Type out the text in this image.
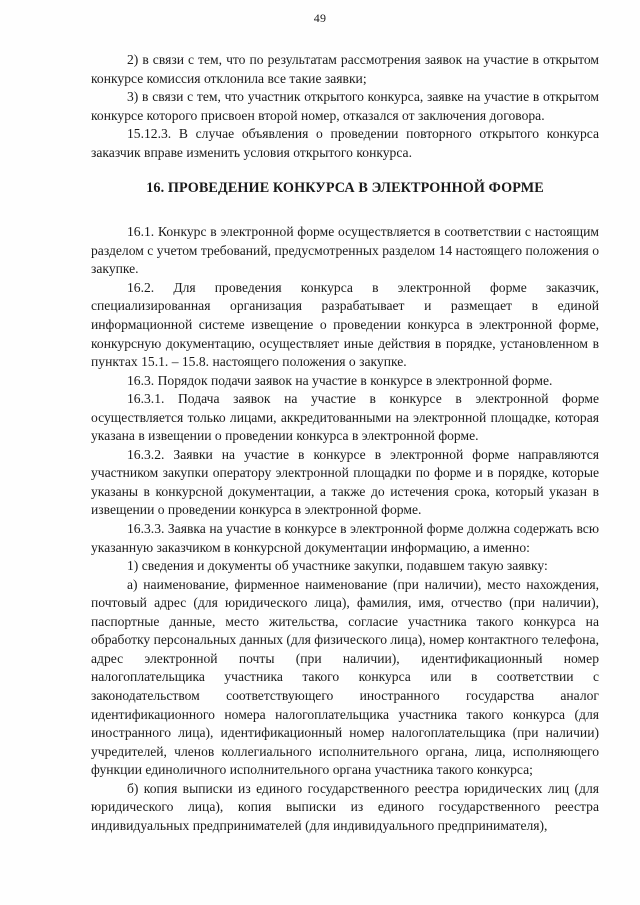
49

2) в связи с тем, что по результатам рассмотрения заявок на участие в открытом конкурсе комиссия отклонила все такие заявки;

3) в связи с тем, что участник открытого конкурса, заявке на участие в открытом конкурсе которого присвоен второй номер, отказался от заключения договора.

15.12.3. В случае объявления о проведении повторного открытого конкурса заказчик вправе изменить условия открытого конкурса.

16. ПРОВЕДЕНИЕ КОНКУРСА В ЭЛЕКТРОННОЙ ФОРМЕ

16.1. Конкурс в электронной форме осуществляется в соответствии с настоящим разделом с учетом требований, предусмотренных разделом 14 настоящего положения о закупке.

16.2. Для проведения конкурса в электронной форме заказчик, специализированная организация разрабатывает и размещает в единой информационной системе извещение о проведении конкурса в электронной форме, конкурсную документацию, осуществляет иные действия в порядке, установленном в пунктах 15.1. – 15.8. настоящего положения о закупке.

16.3. Порядок подачи заявок на участие в конкурсе в электронной форме.

16.3.1. Подача заявок на участие в конкурсе в электронной форме осуществляется только лицами, аккредитованными на электронной площадке, которая указана в извещении о проведении конкурса в электронной форме.

16.3.2. Заявки на участие в конкурсе в электронной форме направляются участником закупки оператору электронной площадки по форме и в порядке, которые указаны в конкурсной документации, а также до истечения срока, который указан в извещении о проведении конкурса в электронной форме.

16.3.3. Заявка на участие в конкурсе в электронной форме должна содержать всю указанную заказчиком в конкурсной документации информацию, а именно:

1) сведения и документы об участнике закупки, подавшем такую заявку:

а) наименование, фирменное наименование (при наличии), место нахождения, почтовый адрес (для юридического лица), фамилия, имя, отчество (при наличии), паспортные данные, место жительства, согласие участника такого конкурса на обработку персональных данных (для физического лица), номер контактного телефона, адрес электронной почты (при наличии), идентификационный номер налогоплательщика участника такого конкурса или в соответствии с законодательством соответствующего иностранного государства аналог идентификационного номера налогоплательщика участника такого конкурса (для иностранного лица), идентификационный номер налогоплательщика (при наличии) учредителей, членов коллегиального исполнительного органа, лица, исполняющего функции единоличного исполнительного органа участника такого конкурса;

б) копия выписки из единого государственного реестра юридических лиц (для юридического лица), копия выписки из единого государственного реестра индивидуальных предпринимателей (для индивидуального предпринимателя),
